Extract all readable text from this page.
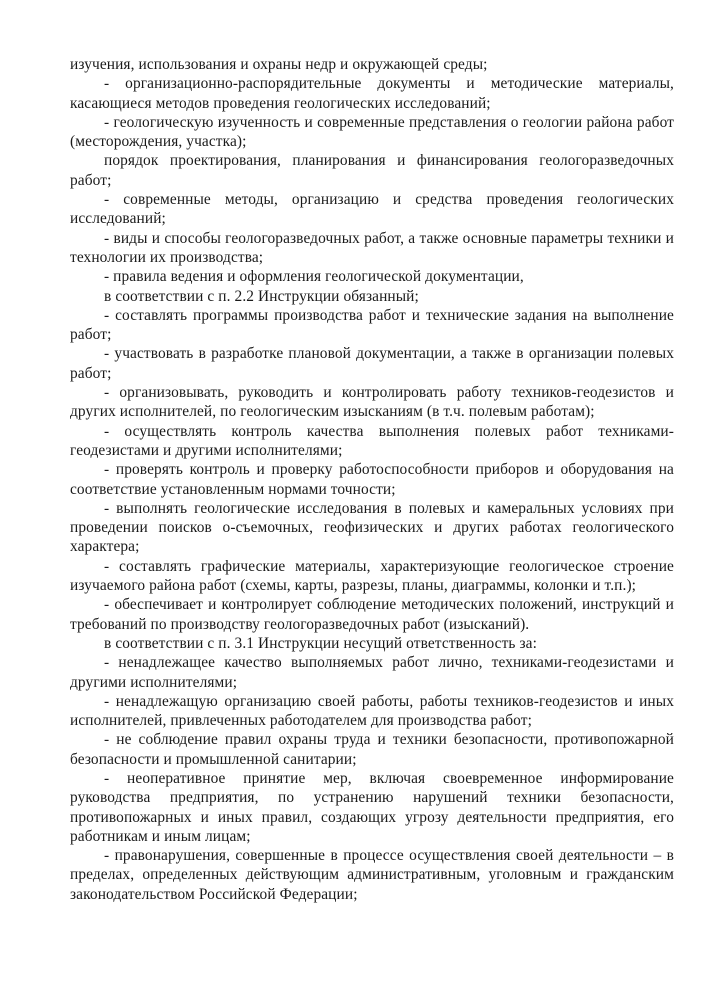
изучения, использования и охраны недр и окружающей среды;

- организационно-распорядительные документы и методические материалы, касающиеся методов проведения геологических исследований;

- геологическую изученность и современные представления о геологии района работ (месторождения, участка);

порядок проектирования, планирования и финансирования геологоразведочных работ;

- современные методы, организацию и средства проведения геологических исследований;

- виды и способы геологоразведочных работ, а также основные параметры техники и технологии их производства;

- правила ведения и оформления геологической документации,

в соответствии с п. 2.2 Инструкции обязанный;

- составлять программы производства работ и технические задания на выполнение работ;

- участвовать в разработке плановой документации, а также в организации полевых работ;

- организовывать, руководить и контролировать работу техников-геодезистов и других исполнителей, по геологическим изысканиям (в т.ч. полевым работам);

- осуществлять контроль качества выполнения полевых работ техниками-геодезистами и другими исполнителями;

- проверять контроль и проверку работоспособности приборов и оборудования на соответствие установленным нормами точности;

- выполнять геологические исследования в полевых и камеральных условиях при проведении поисков о-съемочных, геофизических и других работах геологического характера;

- составлять графические материалы, характеризующие геологическое строение изучаемого района работ (схемы, карты, разрезы, планы, диаграммы, колонки и т.п.);

- обеспечивает и контролирует соблюдение методических положений, инструкций и требований по производству геологоразведочных работ (изысканий).

в соответствии с п. 3.1 Инструкции несущий ответственность за:

- ненадлежащее качество выполняемых работ лично, техниками-геодезистами и другими исполнителями;

- ненадлежащую организацию своей работы, работы техников-геодезистов и иных исполнителей, привлеченных работодателем для производства работ;

- не соблюдение правил охраны труда и техники безопасности, противопожарной безопасности и промышленной санитарии;

- неоперативное принятие мер, включая своевременное информирование руководства предприятия, по устранению нарушений техники безопасности, противопожарных и иных правил, создающих угрозу деятельности предприятия, его работникам и иным лицам;

- правонарушения, совершенные в процессе осуществления своей деятельности – в пределах, определенных действующим административным, уголовным и гражданским законодательством Российской Федерации;
